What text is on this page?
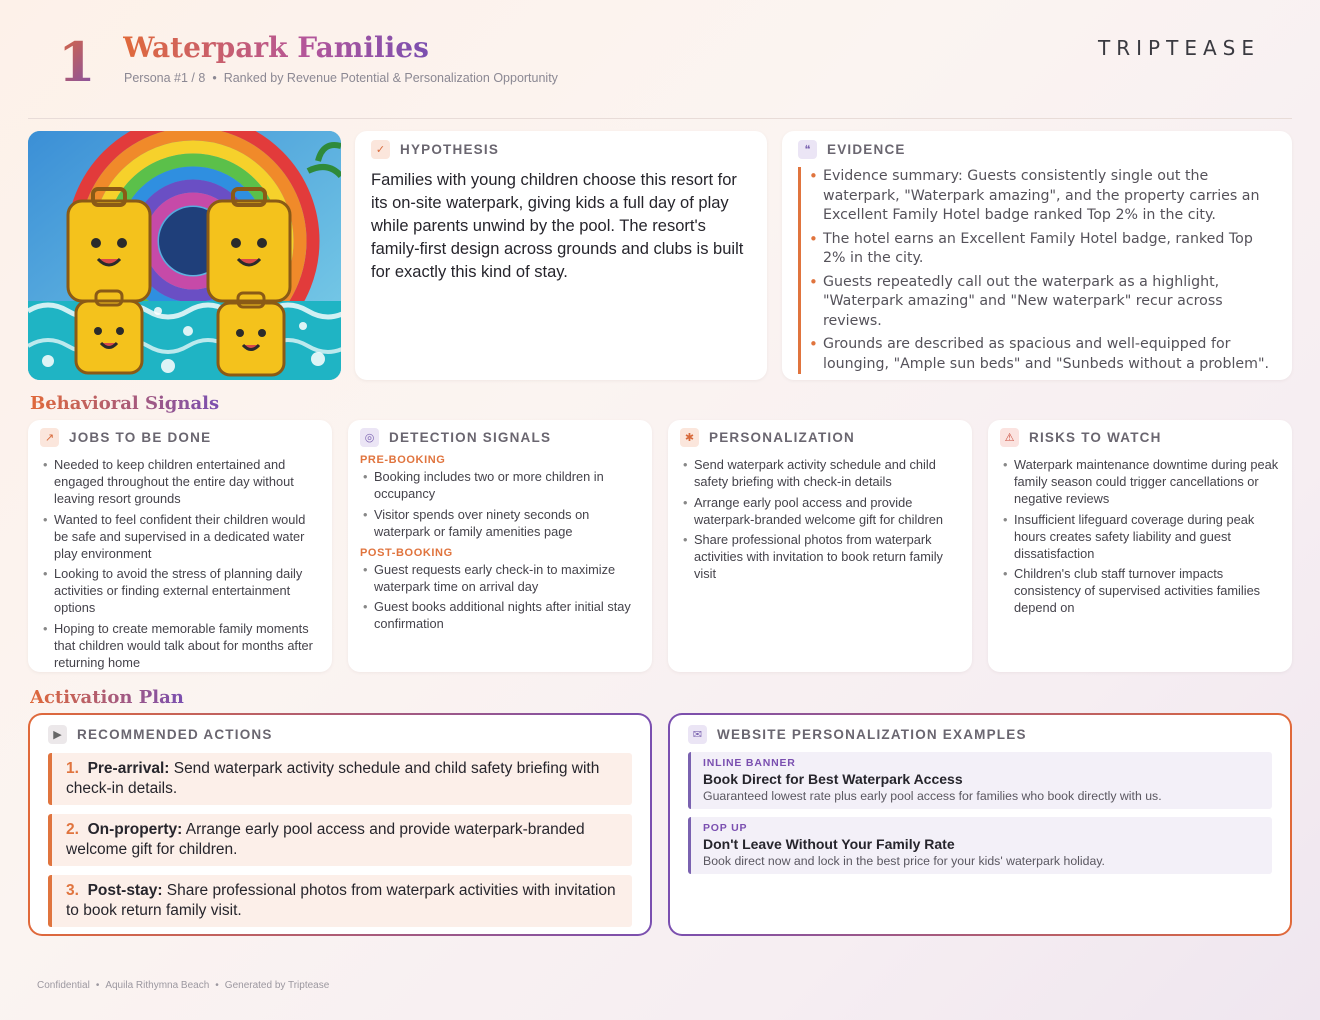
1 Waterpark Families
Persona #1 / 8 • Ranked by Revenue Potential & Personalization Opportunity
TRIPTEASE
✓	HYPOTHESIS
Families with young children choose this resort for its on-site waterpark, giving kids a full day of play while parents unwind by the pool. The resort's family-first design across grounds and clubs is built for exactly this kind of stay.
❝	EVIDENCE
• Evidence summary: Guests consistently single out the waterpark, "Waterpark amazing", and the property carries an Excellent Family Hotel badge ranked Top 2% in the city.
• The hotel earns an Excellent Family Hotel badge, ranked Top 2% in the city.
• Guests repeatedly call out the waterpark as a highlight, "Waterpark amazing" and "New waterpark" recur across reviews.
• Grounds are described as spacious and well-equipped for lounging, "Ample sun beds" and "Sunbeds without a problem".
Behavioral Signals
↗	JOBS TO BE DONE
• Needed to keep children entertained and engaged throughout the entire day without leaving resort grounds
• Wanted to feel confident their children would be safe and supervised in a dedicated water play environment
• Looking to avoid the stress of planning daily activities or finding external entertainment options
• Hoping to create memorable family moments that children would talk about for months after returning home
◎	DETECTION SIGNALS
PRE-BOOKING
• Booking includes two or more children in occupancy
• Visitor spends over ninety seconds on waterpark or family amenities page
POST-BOOKING
• Guest requests early check-in to maximize waterpark time on arrival day
• Guest books additional nights after initial stay confirmation
✱	PERSONALIZATION
• Send waterpark activity schedule and child safety briefing with check-in details
• Arrange early pool access and provide waterpark-branded welcome gift for children
• Share professional photos from waterpark activities with invitation to book return family visit
⚠	RISKS TO WATCH
• Waterpark maintenance downtime during peak family season could trigger cancellations or negative reviews
• Insufficient lifeguard coverage during peak hours creates safety liability and guest dissatisfaction
• Children's club staff turnover impacts consistency of supervised activities families depend on
Activation Plan
▶	RECOMMENDED ACTIONS
1. Pre-arrival: Send waterpark activity schedule and child safety briefing with check-in details.
2. On-property: Arrange early pool access and provide waterpark-branded welcome gift for children.
3. Post-stay: Share professional photos from waterpark activities with invitation to book return family visit.
✉	WEBSITE PERSONALIZATION EXAMPLES
INLINE BANNER
Book Direct for Best Waterpark Access
Guaranteed lowest rate plus early pool access for families who book directly with us.
POP UP
Don't Leave Without Your Family Rate
Book direct now and lock in the best price for your kids' waterpark holiday.
Confidential • Aquila Rithymna Beach • Generated by Triptease
